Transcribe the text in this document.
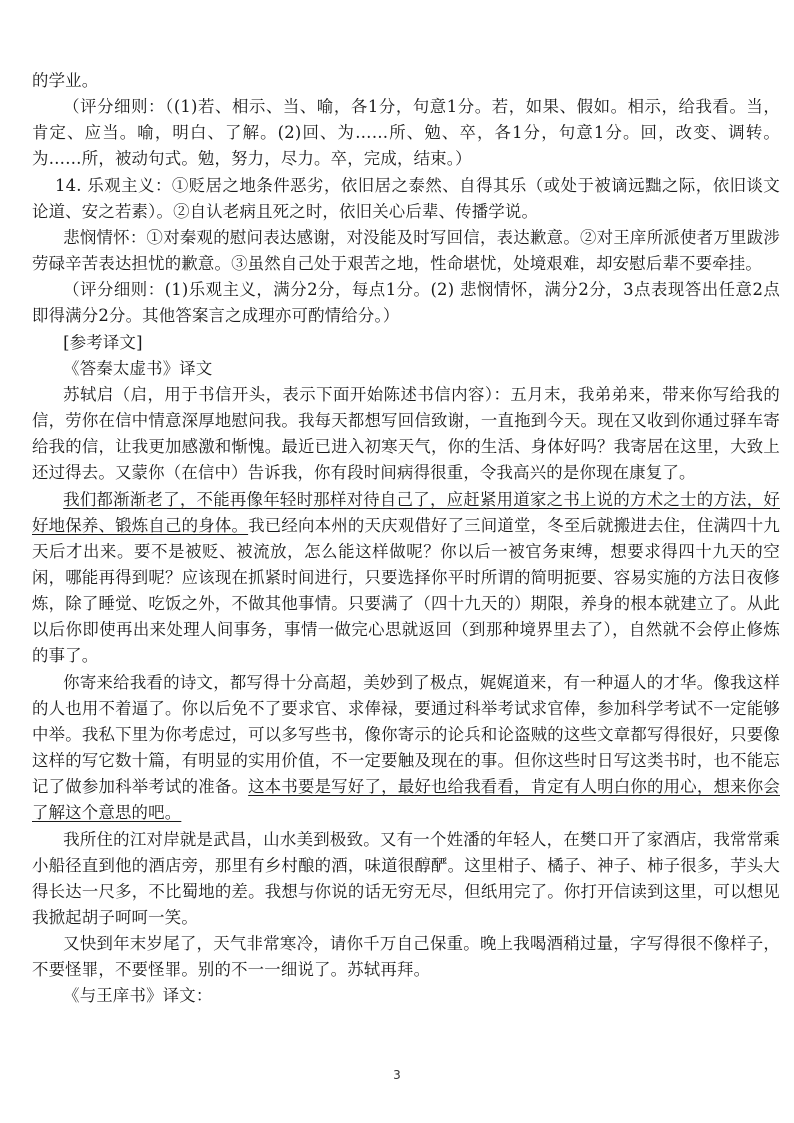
的学业。

（评分细则：（(1)若、相示、当、喻，各1分，句意1分。若，如果、假如。相示，给我看。当，肯定、应当。喻，明白、了解。(2)回、为……所、勉、卒，各1分，句意1分。回，改变、调转。为……所，被动句式。勉，努力，尽力。卒，完成，结束。）

14. 乐观主义：①贬居之地条件恶劣，依旧居之泰然、自得其乐（或处于被谪远黜之际，依旧谈文论道、安之若素）。②自认老病且死之时，依旧关心后辈、传播学说。

悲悯情怀：①对秦观的慰问表达感谢，对没能及时写回信，表达歉意。②对王庠所派使者万里跋涉劳碌辛苦表达担忧的歉意。③虽然自己处于艰苦之地，性命堪忧，处境艰难，却安慰后辈不要牵挂。

（评分细则：(1)乐观主义，满分2分，每点1分。(2) 悲悯情怀，满分2分，3点表现答出任意2点即得满分2分。其他答案言之成理亦可酌情给分。）

[参考译文]

《答秦太虚书》译文

苏轼启（启，用于书信开头，表示下面开始陈述书信内容）：五月末，我弟弟来，带来你写给我的信，劳你在信中情意深厚地慰问我。我每天都想写回信致谢，一直拖到今天。现在又收到你通过驿车寄给我的信，让我更加感激和惭愧。最近已进入初寒天气，你的生活、身体好吗？我寄居在这里，大致上还过得去。又蒙你（在信中）告诉我，你有段时间病得很重，令我高兴的是你现在康复了。

我们都渐渐老了，不能再像年轻时那样对待自己了，应赶紧用道家之书上说的方术之士的方法，好好地保养、锻炼自己的身体。我已经向本州的天庆观借好了三间道堂，冬至后就搬进去住，住满四十九天后才出来。要不是被贬、被流放，怎么能这样做呢？你以后一被官务束缚，想要求得四十九天的空闲，哪能再得到呢？应该现在抓紧时间进行，只要选择你平时所谓的简明扼要、容易实施的方法日夜修炼，除了睡觉、吃饭之外，不做其他事情。只要满了（四十九天的）期限，养身的根本就建立了。从此以后你即使再出来处理人间事务，事情一做完心思就返回（到那种境界里去了），自然就不会停止修炼的事了。

你寄来给我看的诗文，都写得十分高超，美妙到了极点，娓娓道来，有一种逼人的才华。像我这样的人也用不着逼了。你以后免不了要求官、求俸禄，要通过科举考试求官俸，参加科学考试不一定能够中举。我私下里为你考虑过，可以多写些书，像你寄示的论兵和论盗贼的这些文章都写得很好，只要像这样的写它数十篇，有明显的实用价值，不一定要触及现在的事。但你这些时日写这类书时，也不能忘记了做参加科举考试的准备。这本书要是写好了，最好也给我看看，肯定有人明白你的用心，想来你会了解这个意思的吧。

我所住的江对岸就是武昌，山水美到极致。又有一个姓潘的年轻人，在樊口开了家酒店，我常常乘小船径直到他的酒店旁，那里有乡村酿的酒，味道很醇酽。这里柑子、橘子、神子、柿子很多，芋头大得长达一尺多，不比蜀地的差。我想与你说的话无穷无尽，但纸用完了。你打开信读到这里，可以想见我掀起胡子呵呵一笑。

又快到年末岁尾了，天气非常寒冷，请你千万自己保重。晚上我喝酒稍过量，字写得很不像样子，不要怪罪，不要怪罪。别的不一一细说了。苏轼再拜。

《与王庠书》译文：

3
